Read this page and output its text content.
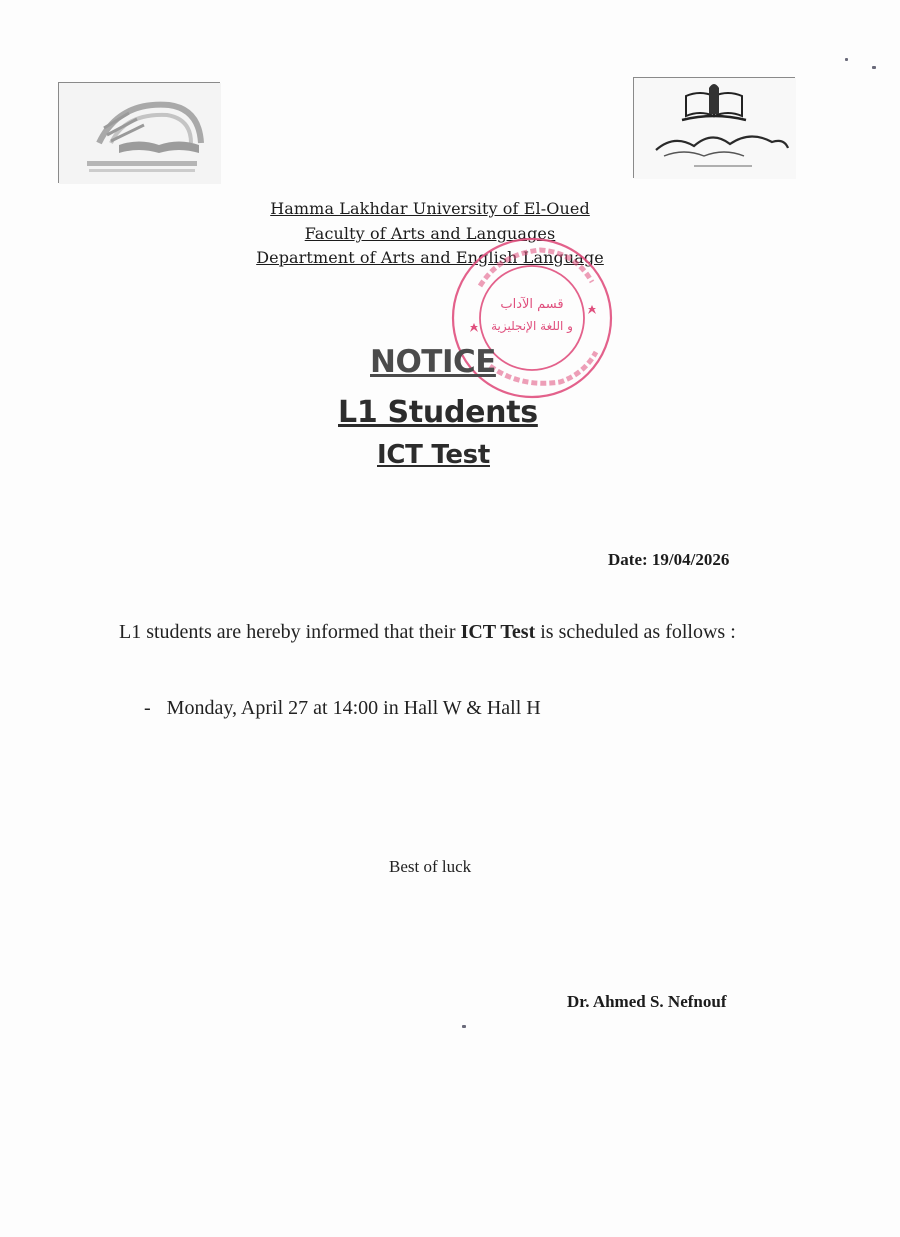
Hamma Lakhdar University of El-Oued
Faculty of Arts and Languages
Department of Arts and English Language
قسم الآداب
و اللغة الإنجليزية
NOTICE
L1 Students
ICT Test
Date: 19/04/2026
L1 students are hereby informed that their ICT Test is scheduled as follows :
- Monday, April 27 at 14:00 in Hall W & Hall H
Best of luck
Dr. Ahmed S. Nefnouf
